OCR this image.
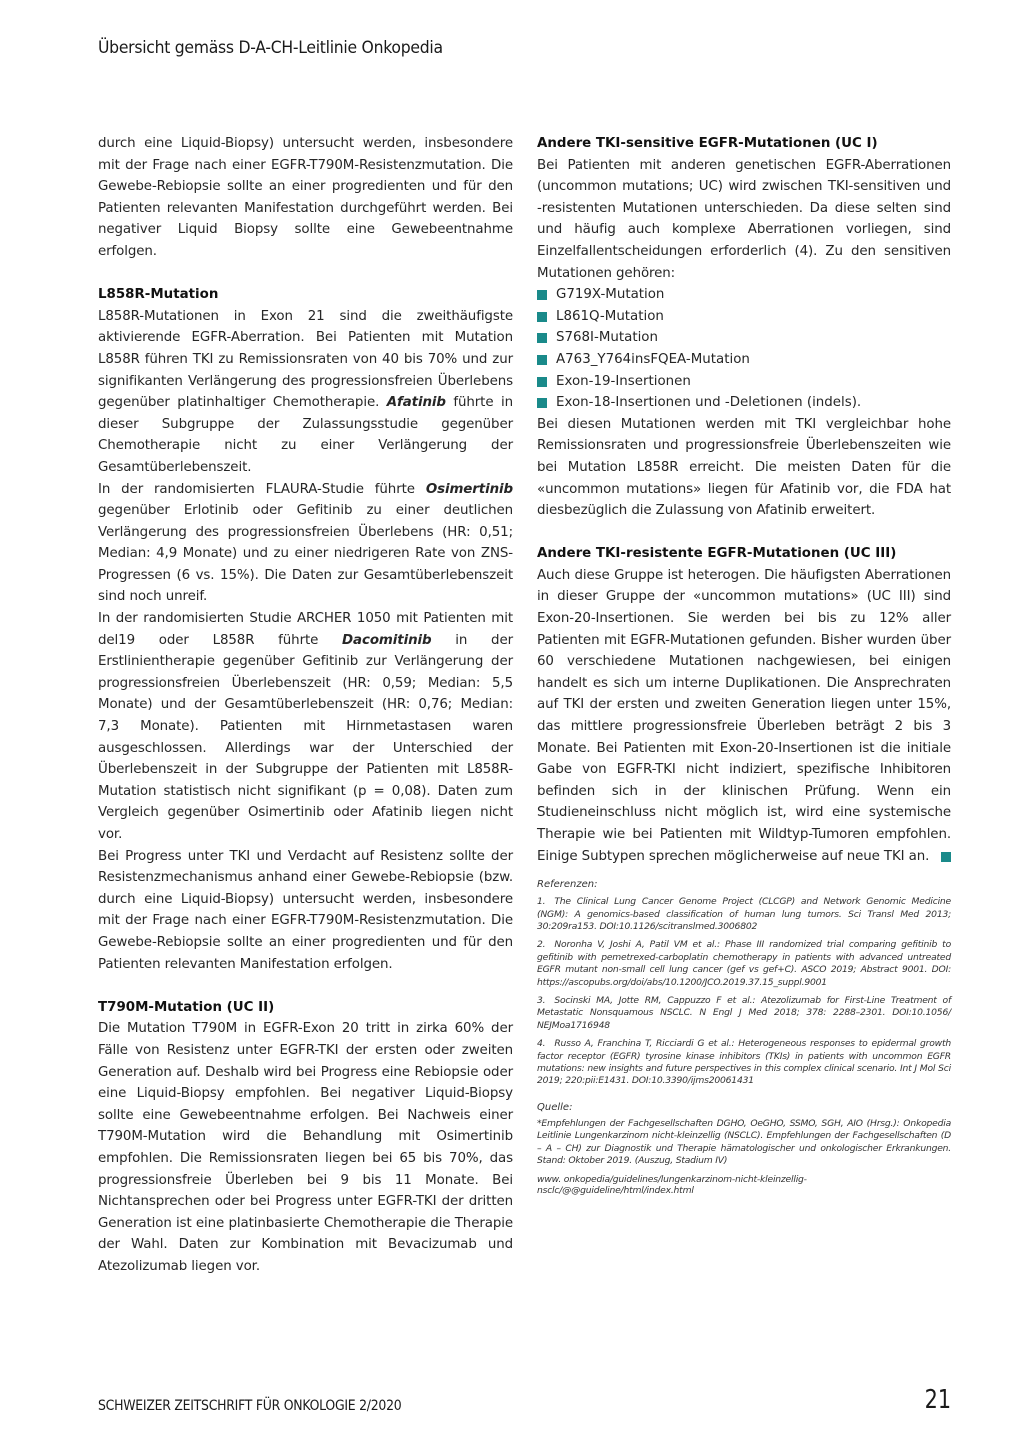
Übersicht gemäss D-A-CH-Leitlinie Onkopedia

durch eine Liquid-Biopsy) untersucht werden, insbesondere mit der Frage nach einer EGFR-T790M-Resistenzmutation. Die Gewebe-Rebiopsie sollte an einer progredienten und für den Patienten relevanten Manifestation durchgeführt werden. Bei negativer Liquid Biopsy sollte eine Gewebeentnahme erfolgen.

L858R-Mutation

L858R-Mutationen in Exon 21 sind die zweithäufigste aktivierende EGFR-Aberration. Bei Patienten mit Mutation L858R führen TKI zu Remissionsraten von 40 bis 70% und zur signifikanten Verlängerung des progressionsfreien Überlebens gegenüber platinhaltiger Chemotherapie. Afatinib führte in dieser Subgruppe der Zulassungsstudie gegenüber Chemotherapie nicht zu einer Verlängerung der Gesamtüberlebenszeit.

In der randomisierten FLAURA-Studie führte Osimertinib gegenüber Erlotinib oder Gefitinib zu einer deutlichen Verlängerung des progressionsfreien Überlebens (HR: 0,51; Median: 4,9 Monate) und zu einer niedrigeren Rate von ZNS-Progressen (6 vs. 15%). Die Daten zur Gesamtüberlebenszeit sind noch unreif.

In der randomisierten Studie ARCHER 1050 mit Patienten mit del19 oder L858R führte Dacomitinib in der Erstlinientherapie gegenüber Gefitinib zur Verlängerung der progressionsfreien Überlebenszeit (HR: 0,59; Median: 5,5 Monate) und der Gesamtüberlebenszeit (HR: 0,76; Median: 7,3 Monate). Patienten mit Hirnmetastasen waren ausgeschlossen. Allerdings war der Unterschied der Überlebenszeit in der Subgruppe der Patienten mit L858R-Mutation statistisch nicht signifikant (p = 0,08). Daten zum Vergleich gegenüber Osimertinib oder Afatinib liegen nicht vor.

Bei Progress unter TKI und Verdacht auf Resistenz sollte der Resistenzmechanismus anhand einer Gewebe-Rebiopsie (bzw. durch eine Liquid-Biopsy) untersucht werden, insbesondere mit der Frage nach einer EGFR-T790M-Resistenzmutation. Die Gewebe-Rebiopsie sollte an einer progredienten und für den Patienten relevanten Manifestation erfolgen.

T790M-Mutation (UC II)

Die Mutation T790M in EGFR-Exon 20 tritt in zirka 60% der Fälle von Resistenz unter EGFR-TKI der ersten oder zweiten Generation auf. Deshalb wird bei Progress eine Rebiopsie oder eine Liquid-Biopsy empfohlen. Bei negativer Liquid-Biopsy sollte eine Gewebeentnahme erfolgen. Bei Nachweis einer T790M-Mutation wird die Behandlung mit Osimertinib empfohlen. Die Remissionsraten liegen bei 65 bis 70%, das progressionsfreie Überleben bei 9 bis 11 Monate. Bei Nichtansprechen oder bei Progress unter EGFR-TKI der dritten Generation ist eine platinbasierte Chemotherapie die Therapie der Wahl. Daten zur Kombination mit Bevacizumab und Atezolizumab liegen vor.

Andere TKI-sensitive EGFR-Mutationen (UC I)

Bei Patienten mit anderen genetischen EGFR-Aberrationen (uncommon mutations; UC) wird zwischen TKI-sensitiven und -resistenten Mutationen unterschieden. Da diese selten sind und häufig auch komplexe Aberrationen vorliegen, sind Einzelfallentscheidungen erforderlich (4). Zu den sensitiven Mutationen gehören:

G719X-Mutation
L861Q-Mutation
S768I-Mutation
A763_Y764insFQEA-Mutation
Exon-19-Insertionen
Exon-18-Insertionen und -Deletionen (indels).

Bei diesen Mutationen werden mit TKI vergleichbar hohe Remissionsraten und progressionsfreie Überlebenszeiten wie bei Mutation L858R erreicht. Die meisten Daten für die «uncommon mutations» liegen für Afatinib vor, die FDA hat diesbezüglich die Zulassung von Afatinib erweitert.

Andere TKI-resistente EGFR-Mutationen (UC III)

Auch diese Gruppe ist heterogen. Die häufigsten Aberrationen in dieser Gruppe der «uncommon mutations» (UC III) sind Exon-20-Insertionen. Sie werden bei bis zu 12% aller Patienten mit EGFR-Mutationen gefunden. Bisher wurden über 60 verschiedene Mutationen nachgewiesen, bei einigen handelt es sich um interne Duplikationen. Die Ansprechraten auf TKI der ersten und zweiten Generation liegen unter 15%, das mittlere progressionsfreie Überleben beträgt 2 bis 3 Monate. Bei Patienten mit Exon-20-Insertionen ist die initiale Gabe von EGFR-TKI nicht indiziert, spezifische Inhibitoren befinden sich in der klinischen Prüfung. Wenn ein Studieneinschluss nicht möglich ist, wird eine systemische Therapie wie bei Patienten mit Wildtyp-Tumoren empfohlen. Einige Subtypen sprechen möglicherweise auf neue TKI an.

Referenzen:

1. The Clinical Lung Cancer Genome Project (CLCGP) and Network Genomic Medicine (NGM): A genomics-based classification of human lung tumors. Sci Transl Med 2013; 30:209ra153. DOI:10.1126/scitranslmed.3006802

2. Noronha V, Joshi A, Patil VM et al.: Phase III randomized trial comparing gefitinib to gefitinib with pemetrexed-carboplatin chemotherapy in patients with advanced untreated EGFR mutant non-small cell lung cancer (gef vs gef+C). ASCO 2019; Abstract 9001. DOI: https://ascopubs.org/doi/abs/10.1200/JCO.2019.37.15_suppl.9001

3. Socinski MA, Jotte RM, Cappuzzo F et al.: Atezolizumab for First-Line Treatment of Metastatic Nonsquamous NSCLC. N Engl J Med 2018; 378: 2288–2301. DOI:10.1056/ NEJMoa1716948

4. Russo A, Franchina T, Ricciardi G et al.: Heterogeneous responses to epidermal growth factor receptor (EGFR) tyrosine kinase inhibitors (TKIs) in patients with uncommon EGFR mutations: new insights and future perspectives in this complex clinical scenario. Int J Mol Sci 2019; 220:pii:E1431. DOI:10.3390/ijms20061431

Quelle:

*Empfehlungen der Fachgesellschaften DGHO, OeGHO, SSMO, SGH, AIO (Hrsg.): Onkopedia Leitlinie Lungenkarzinom nicht-kleinzellig (NSCLC). Empfehlungen der Fachgesellschaften (D – A – CH) zur Diagnostik und Therapie hämatologischer und onkologischer Erkrankungen. Stand: Oktober 2019. (Auszug, Stadium IV)

www. onkopedia/guidelines/lungenkarzinom-nicht-kleinzellig-nsclc/@@guideline/html/index.html
SCHWEIZER ZEITSCHRIFT FÜR ONKOLOGIE 2/2020	21
